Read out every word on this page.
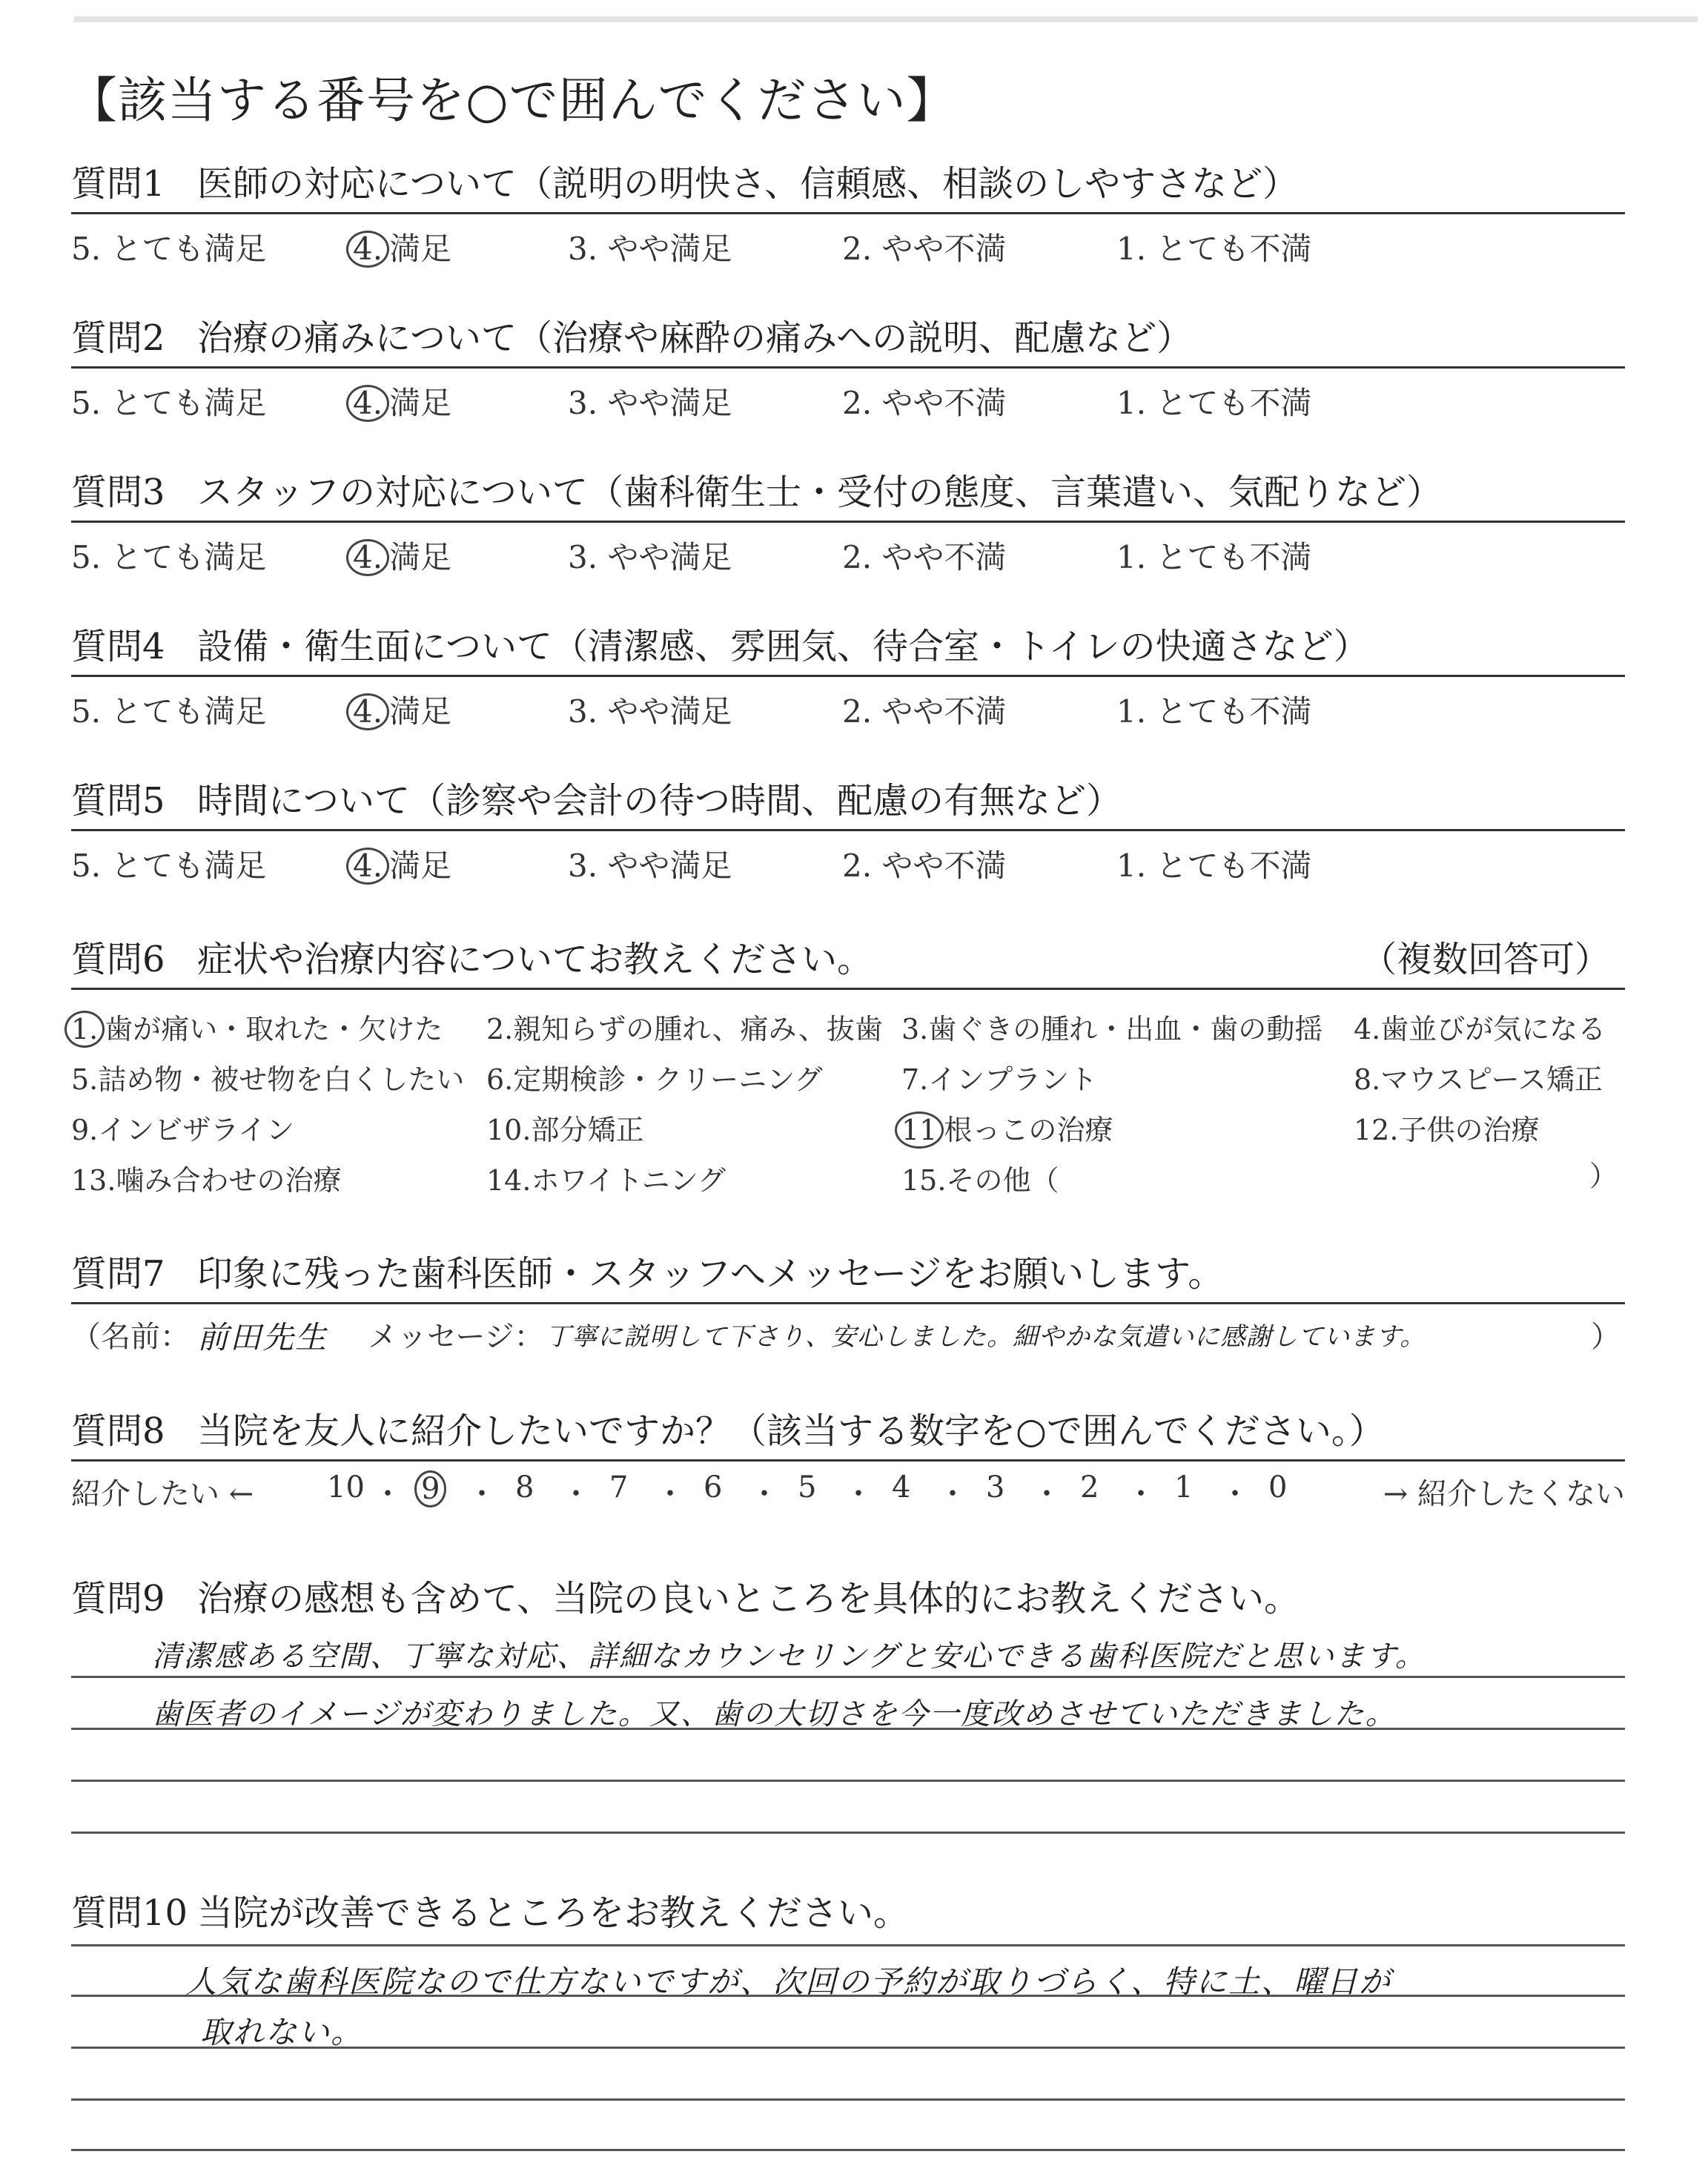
【該当する番号を○で囲んでください】
質問1 医師の対応について（説明の明快さ、信頼感、相談のしやすさなど）
5. とても満足	4. 満足	3. やや満足	2. やや不満	1. とても不満
質問2 治療の痛みについて（治療や麻酔の痛みへの説明、配慮など）
5. とても満足	4. 満足	3. やや満足	2. やや不満	1. とても不満
質問3 スタッフの対応について（歯科衛生士・受付の態度、言葉遣い、気配りなど）
5. とても満足	4. 満足	3. やや満足	2. やや不満	1. とても不満
質問4 設備・衛生面について（清潔感、雰囲気、待合室・トイレの快適さなど）
5. とても満足	4. 満足	3. やや満足	2. やや不満	1. とても不満
質問5 時間について（診察や会計の待つ時間、配慮の有無など）
5. とても満足	4. 満足	3. やや満足	2. やや不満	1. とても不満
質問6 症状や治療内容についてお教えください。	（複数回答可）
）
1. 歯が痛い・取れた・欠けた 2.親知らずの腫れ、痛み、抜歯 3.歯ぐきの腫れ・出血・歯の動揺 4.歯並びが気になる
5.詰め物・被せ物を白くしたい 6.定期検診・クリーニング	7.インプラント	8.マウスピース矯正
9.インビザライン	10.部分矯正	11 根っこの治療	12.子供の治療
13.噛み合わせの治療	14.ホワイトニング	15.その他（
質問7 印象に残った歯科医師・スタッフへメッセージをお願いします。
（名前： 前田先生 メッセージ： 丁寧に説明して下さり、安心しました。細やかな気遣いに感謝しています。	）
質問8 当院を友人に紹介したいですか？（該当する数字を○で囲んでください。）
紹介したい ←	→ 紹介したくない
10 ・ 9 ・ 8 ・ 7 ・ 6 ・ 5 ・ 4 ・ 3 ・ 2 ・ 1 ・ 0
質問9 治療の感想も含めて、当院の良いところを具体的にお教えください。
清潔感ある空間、丁寧な対応、詳細なカウンセリングと安心できる歯科医院だと思います。
歯医者のイメージが変わりました。又、歯の大切さを今一度改めさせていただきました。
質問10 当院が改善できるところをお教えください。
人気な歯科医院なので仕方ないですが、次回の予約が取りづらく、特に土、曜日が
取れない。
